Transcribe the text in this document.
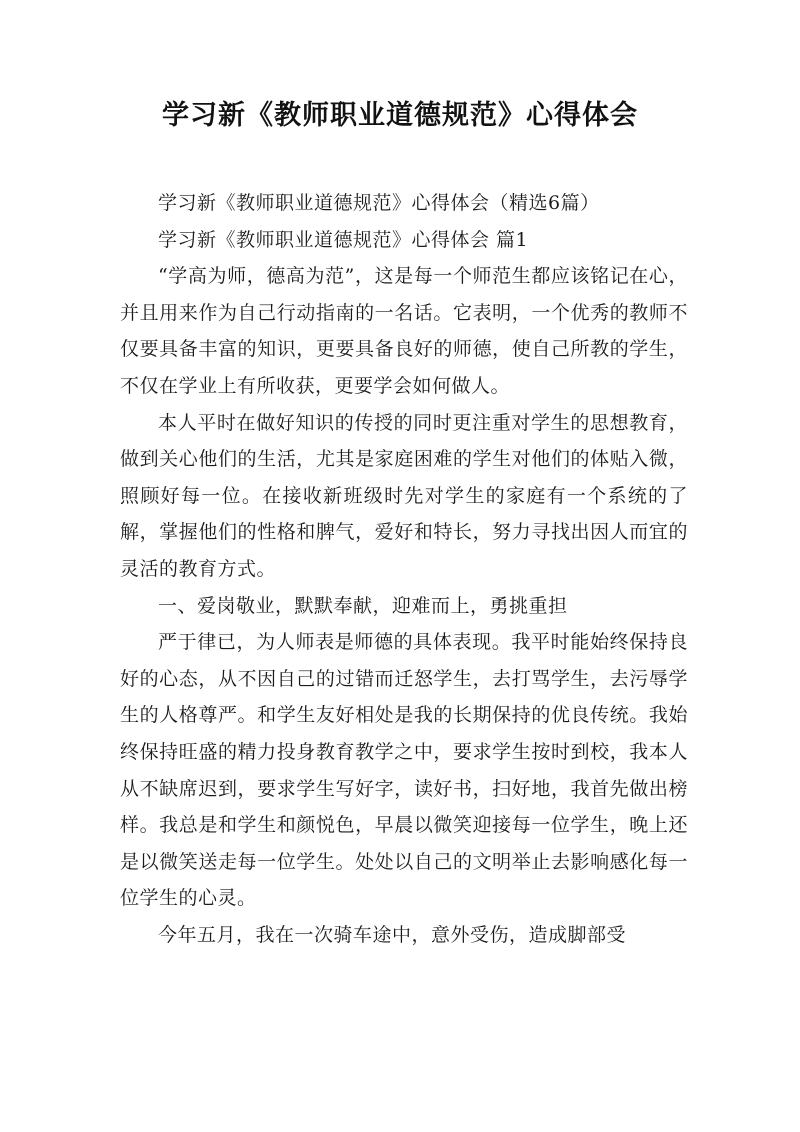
学习新《教师职业道德规范》心得体会

学习新《教师职业道德规范》心得体会（精选6篇）

学习新《教师职业道德规范》心得体会 篇1

“学高为师，德高为范”，这是每一个师范生都应该铭记在心，并且用来作为自己行动指南的一名话。它表明，一个优秀的教师不仅要具备丰富的知识，更要具备良好的师德，使自己所教的学生，不仅在学业上有所收获，更要学会如何做人。

本人平时在做好知识的传授的同时更注重对学生的思想教育，做到关心他们的生活，尤其是家庭困难的学生对他们的体贴入微，照顾好每一位。在接收新班级时先对学生的家庭有一个系统的了解，掌握他们的性格和脾气，爱好和特长，努力寻找出因人而宜的灵活的教育方式。

一、爱岗敬业，默默奉献，迎难而上，勇挑重担

严于律已，为人师表是师德的具体表现。我平时能始终保持良好的心态，从不因自己的过错而迁怒学生，去打骂学生，去污辱学生的人格尊严。和学生友好相处是我的长期保持的优良传统。我始终保持旺盛的精力投身教育教学之中，要求学生按时到校，我本人从不缺席迟到，要求学生写好字，读好书，扫好地，我首先做出榜样。我总是和学生和颜悦色，早晨以微笑迎接每一位学生，晚上还是以微笑送走每一位学生。处处以自己的文明举止去影响感化每一位学生的心灵。

今年五月，我在一次骑车途中，意外受伤，造成脚部受
